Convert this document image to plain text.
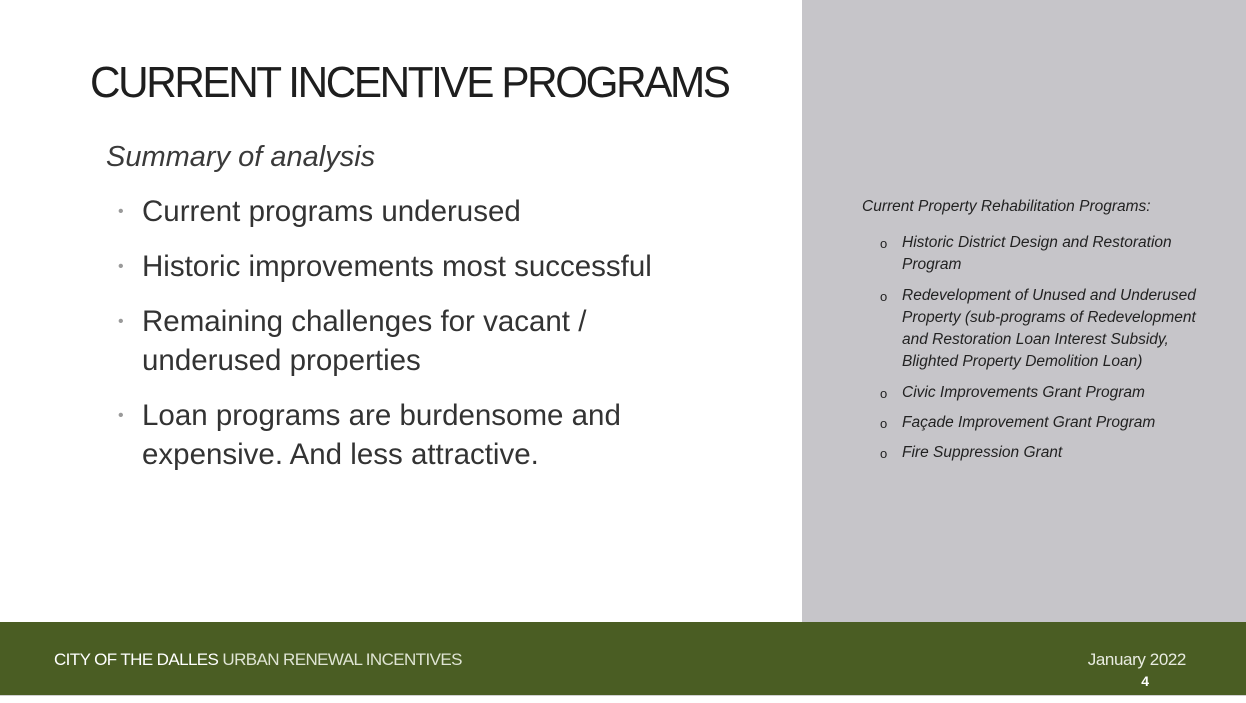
CURRENT INCENTIVE PROGRAMS
Summary of analysis
• Current programs underused
• Historic improvements most successful
• Remaining challenges for vacant / underused properties
• Loan programs are burdensome and expensive. And less attractive.
Current Property Rehabilitation Programs:
o Historic District Design and Restoration Program
o Redevelopment of Unused and Underused Property (sub-programs of Redevelopment and Restoration Loan Interest Subsidy, Blighted Property Demolition Loan)
o Civic Improvements Grant Program
o Façade Improvement Grant Program
o Fire Suppression Grant
CITY OF THE DALLES URBAN RENEWAL INCENTIVES	January 2022
4
